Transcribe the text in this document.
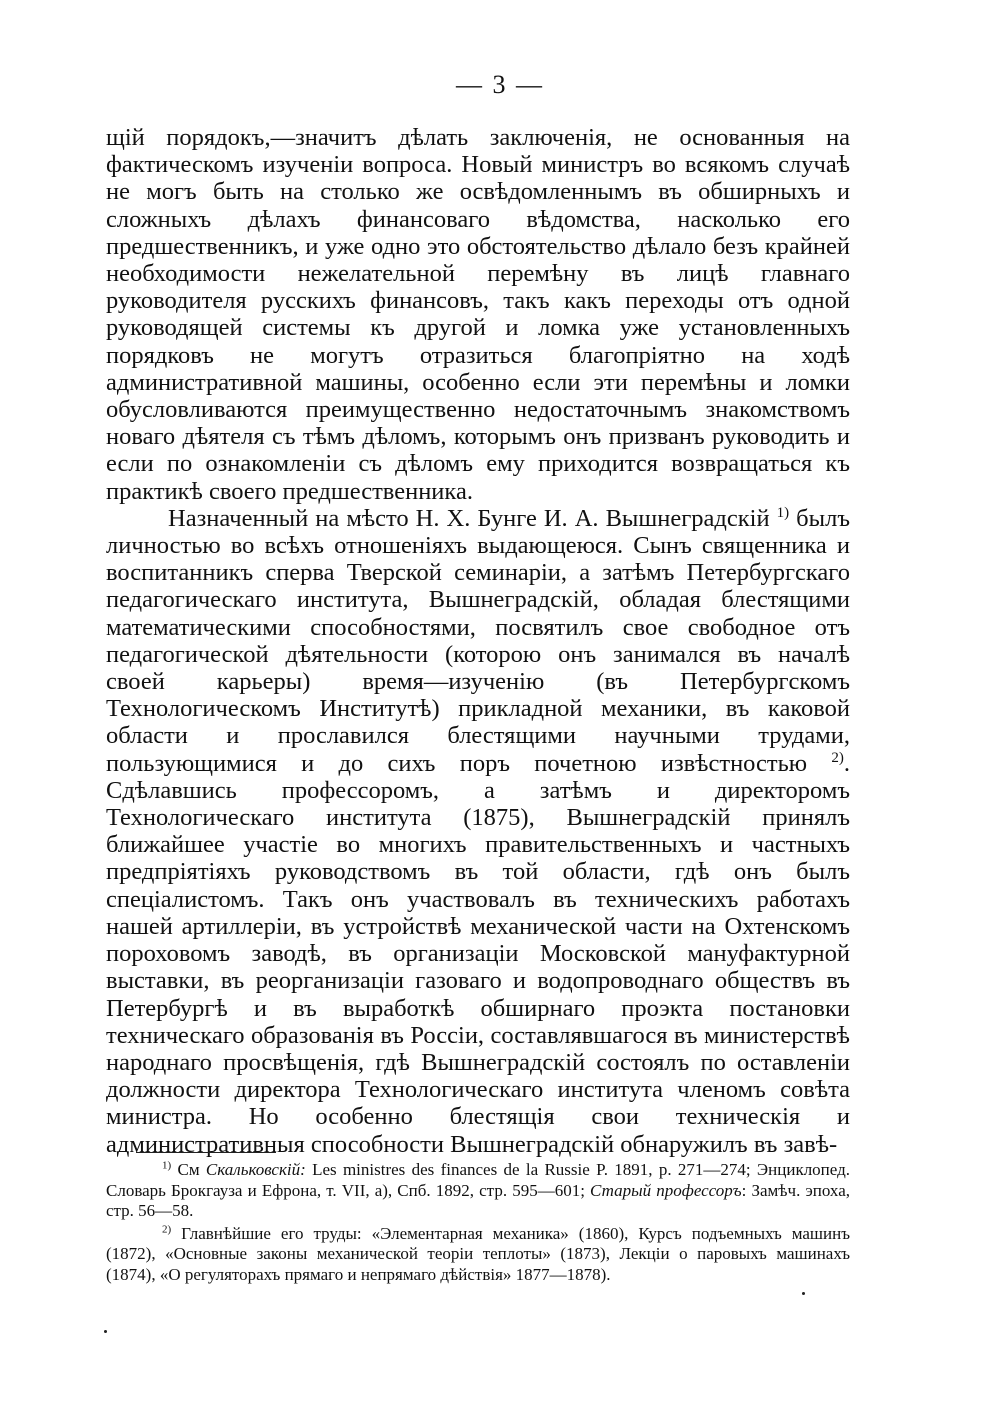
— 3 —

щій порядокъ,—значитъ дѣлать заключенія, не основанныя на фактическомъ изученіи вопроса. Новый министръ во всякомъ случаѣ не могъ быть на столько же освѣдомленнымъ въ обширныхъ и сложныхъ дѣлахъ финансоваго вѣдомства, насколько его предшественникъ, и уже одно это обстоятельство дѣлало безъ крайней необходимости нежелательной перемѣну въ лицѣ главнаго руководителя русскихъ финансовъ, такъ какъ переходы отъ одной руководящей системы къ другой и ломка уже установленныхъ порядковъ не могутъ отразиться благопріятно на ходѣ административной машины, особенно если эти перемѣны и ломки обусловливаются преимущественно недостаточнымъ знакомствомъ новаго дѣятеля съ тѣмъ дѣломъ, которымъ онъ призванъ руководить и если по ознакомленіи съ дѣломъ ему приходится возвращаться къ практикѣ своего предшественника.

Назначенный на мѣсто Н. Х. Бунге И. А. Вышнеградскій $^{1)}$ былъ личностью во всѣхъ отношеніяхъ выдающеюся. Сынъ священника и воспитанникъ сперва Тверской семинаріи, а затѣмъ Петербургскаго педагогическаго института, Вышнеградскій, обладая блестящими математическими способностями, посвятилъ свое свободное отъ педагогической дѣятельности (которою онъ занимался въ началѣ своей карьеры) время—изученію (въ Петербургскомъ Технологическомъ Институтѣ) прикладной механики, въ каковой области и прославился блестящими научными трудами, пользующимися и до сихъ поръ почетною извѣстностью $^{2)}$. Сдѣлавшись профессоромъ, а затѣмъ и директоромъ Технологическаго института (1875), Вышнеградскій принялъ ближайшее участіе во многихъ правительственныхъ и частныхъ предпріятіяхъ руководствомъ въ той области, гдѣ онъ былъ спеціалистомъ. Такъ онъ участвовалъ въ техническихъ работахъ нашей артиллеріи, въ устройствѣ механической части на Охтенскомъ пороховомъ заводѣ, въ организаціи Московской мануфактурной выставки, въ реорганизаціи газоваго и водопроводнаго обществъ въ Петербургѣ и въ выработкѣ обширнаго проэкта постановки техническаго образованія въ Россіи, составлявшагося въ министерствѣ народнаго просвѣщенія, гдѣ Вышнеградскій состоялъ по оставленіи должности директора Технологическаго института членомъ совѣта министра. Но особенно блестящія свои техническія и административныя способности Вышнеградскій обнаружилъ въ завѣ-

$^{1)}$ См Скальковскій: Les ministres des finances de la Russie P. 1891, p. 271—274; Энциклопед. Словарь Брокгауза и Ефрона, т. VII, а), Спб. 1892, стр. 595—601; Старый профессоръ: Замѣч. эпоха, стр. 56—58.

$^{2)}$ Главнѣйшие его труды: «Элементарная механика» (1860), Курсъ подъемныхъ машинъ (1872), «Основные законы механической теоріи теплоты» (1873), Лекціи о паровыхъ машинахъ (1874), «О регуляторахъ прямаго и непрямаго дѣйствія» 1877—1878).
